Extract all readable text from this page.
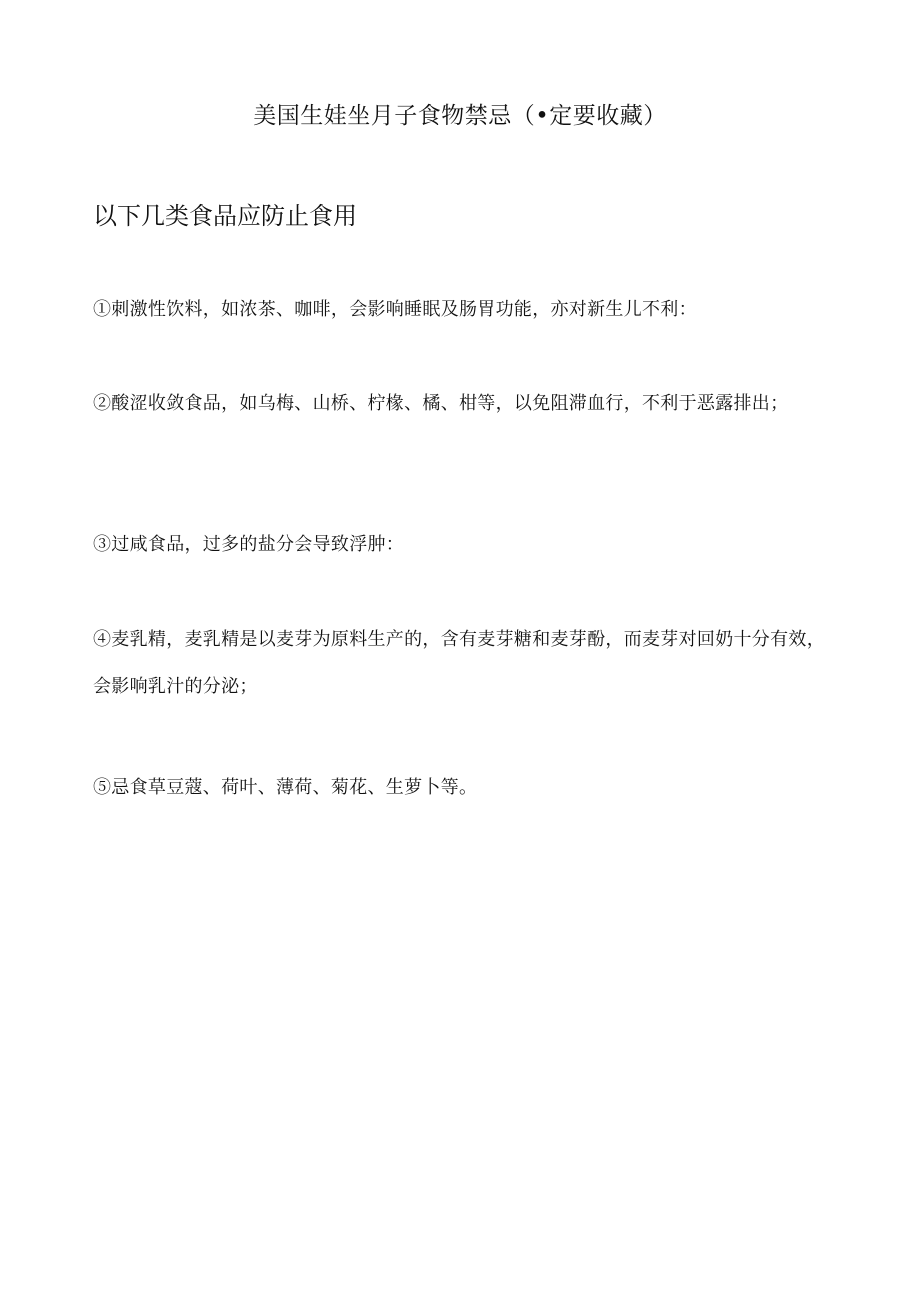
美国生娃坐月子食物禁忌（•定要收藏）
以下几类食品应防止食用

①刺激性饮料，如浓茶、咖啡，会影响睡眠及肠胃功能，亦对新生儿不利：

②酸涩收敛食品，如乌梅、山桥、柠椽、橘、柑等，以免阻滞血行，不利于恶露排出；

③过咸食品，过多的盐分会导致浮肿：

④麦乳精，麦乳精是以麦芽为原料生产的，含有麦芽糖和麦芽酚，而麦芽对回奶十分有效，会影响乳汁的分泌；

⑤忌食草豆蔻、荷叶、薄荷、菊花、生萝卜等。
